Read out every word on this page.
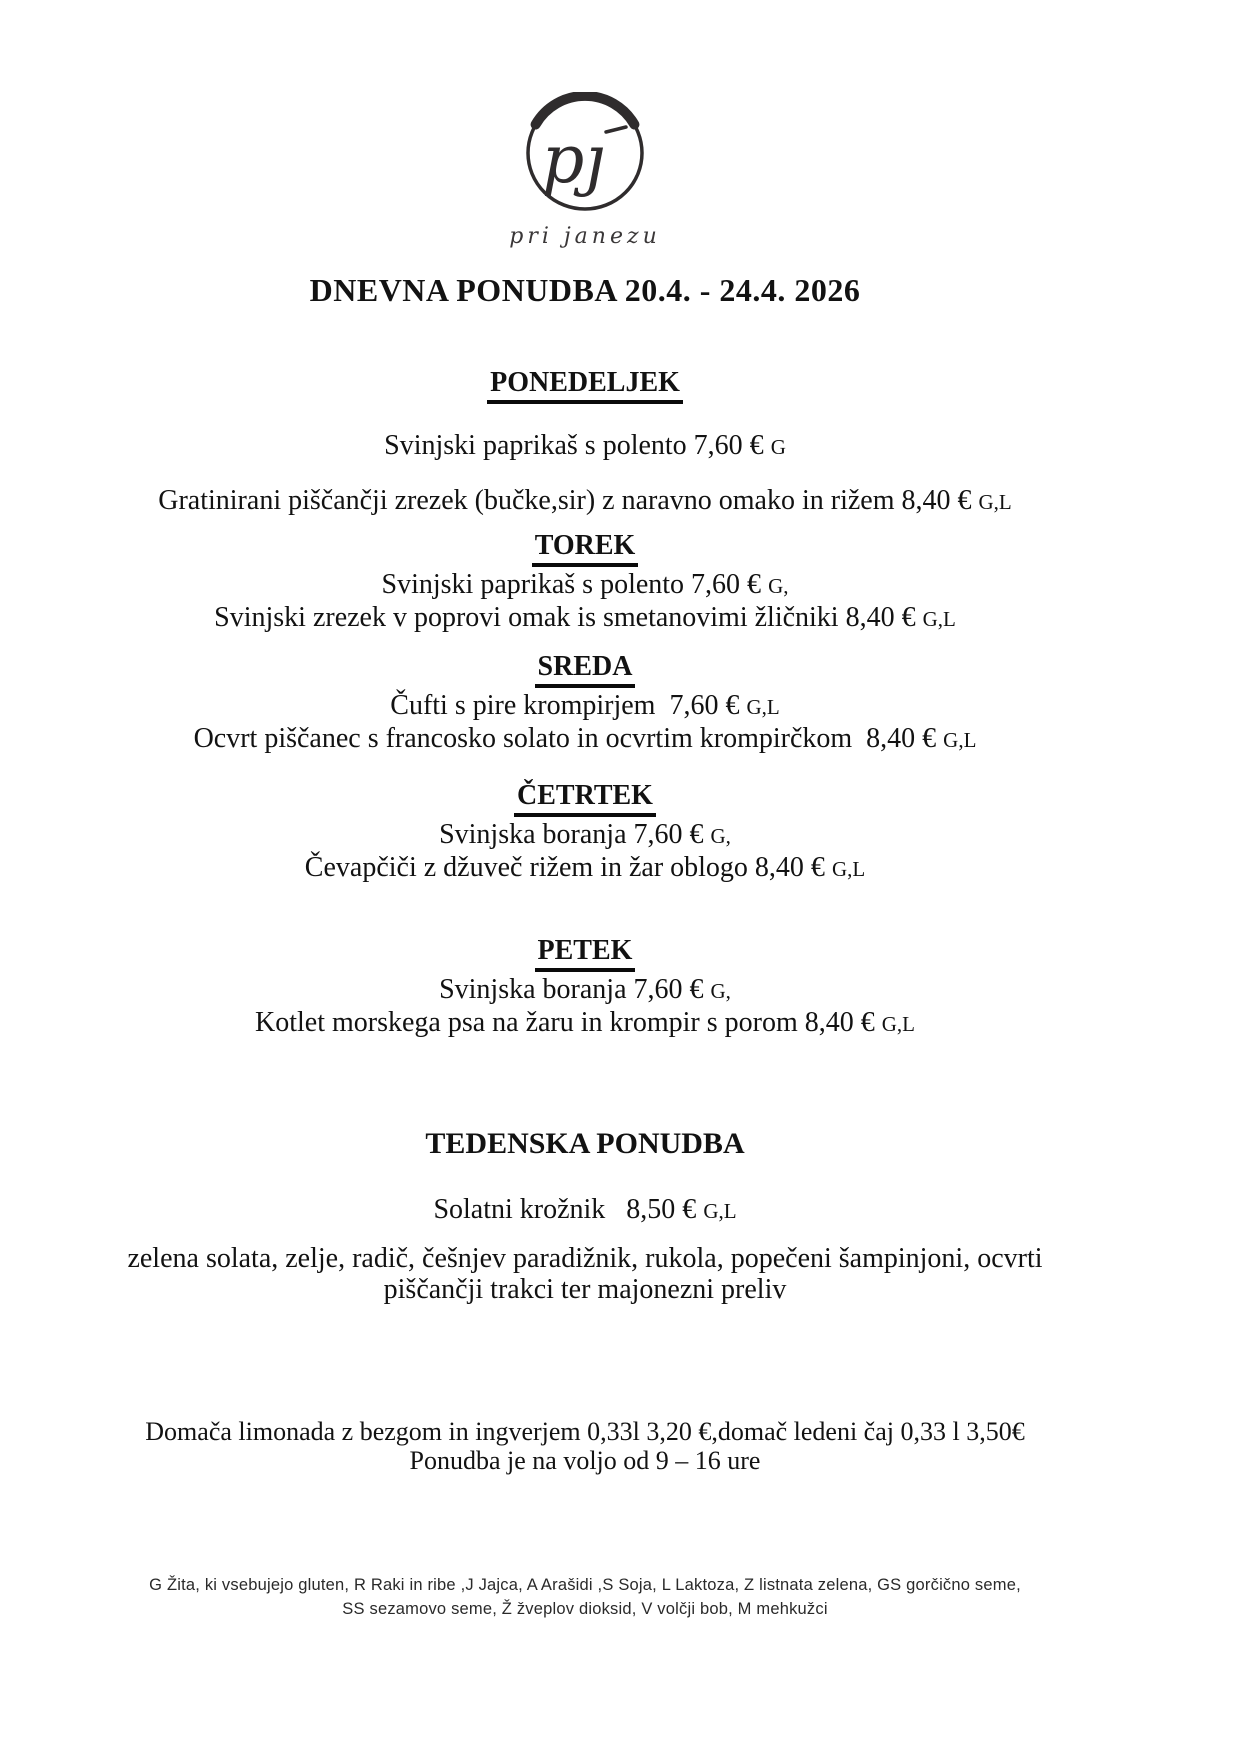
pȷ
pri janezu
DNEVNA PONUDBA 20.4. - 24.4. 2026
PONEDELJEK

Svinjski paprikaš s polento 7,60 € G

Gratinirani piščančji zrezek (bučke,sir) z naravno omako in rižem 8,40 € G,L

TOREK

Svinjski paprikaš s polento 7,60 € G,

Svinjski zrezek v poprovi omak is smetanovimi žličniki 8,40 € G,L

SREDA

Čufti s pire krompirjem  7,60 € G,L

Ocvrt piščanec s francosko solato in ocvrtim krompirčkom  8,40 € G,L

ČETRTEK

Svinjska boranja 7,60 € G,

Čevapčiči z džuveč rižem in žar oblogo 8,40 € G,L

PETEK

Svinjska boranja 7,60 € G,

Kotlet morskega psa na žaru in krompir s porom 8,40 € G,L

TEDENSKA PONUDBA

Solatni krožnik   8,50 € G,L

zelena solata, zelje, radič, češnjev paradižnik, rukola, popečeni šampinjoni, ocvrti

piščančji trakci ter majonezni preliv

Domača limonada z bezgom in ingverjem 0,33l 3,20 €,domač ledeni čaj 0,33 l 3,50€

Ponudba je na voljo od 9 – 16 ure

G Žita, ki vsebujejo gluten, R Raki in ribe ,J Jajca, A Arašidi ,S Soja, L Laktoza, Z listnata zelena, GS gorčično seme,

SS sezamovo seme, Ž žveplov dioksid, V volčji bob, M mehkužci
